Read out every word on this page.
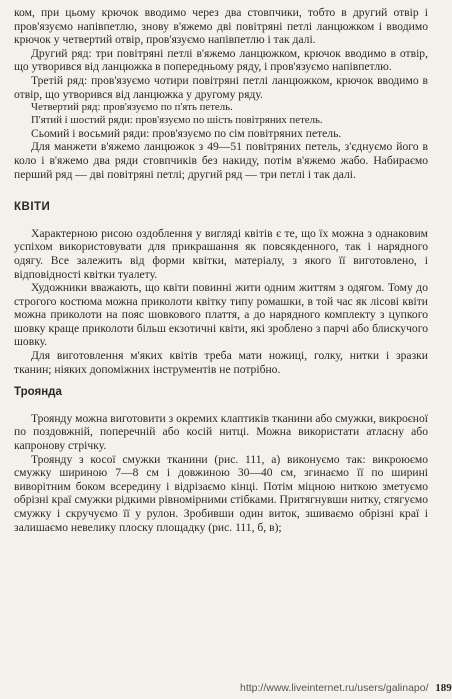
ком, при цьому крючок вводимо через два стовпчики, тобто в другий отвір і пров'язуємо напівпетлю, знову в'яжемо дві повітряні петлі ланцюжком і вводимо крючок у четвертий отвір, пров'язуємо напівпетлю і так далі.

Другий ряд: три повітряні петлі в'яжемо ланцюжком, крючок вводимо в отвір, що утворився від ланцюжка в попередньому ряду, і пров'язуємо напівпетлю.

Третій ряд: пров'язуємо чотири повітряні петлі ланцюжком, крючок вводимо в отвір, що утворився від ланцюжка у другому ряду.

Четвертий ряд: пров'язуємо по п'ять петель.

П'ятий і шостий ряди: пров'язуємо по шість повітряних петель.

Сьомий і восьмий ряди: пров'язуємо по сім повітряних петель.

Для манжети в'яжемо ланцюжок з 49—51 повітряних петель, з'єднуємо його в коло і в'яжемо два ряди стовпчиків без накиду, потім в'яжемо жабо. Набираємо перший ряд — дві повітряні петлі; другий ряд — три петлі і так далі.

КВІТИ

Характерною рисою оздоблення у вигляді квітів є те, що їх можна з однаковим успіхом використовувати для прикрашання як повсякденного, так і нарядного одягу. Все залежить від форми квітки, матеріалу, з якого її виготовлено, і відповідності квітки туалету.

Художники вважають, що квіти повинні жити одним життям з одягом. Тому до строгого костюма можна приколоти квітку типу ромашки, в той час як лісові квіти можна приколоти на пояс шовкового плаття, а до нарядного комплекту з цупкого шовку краще приколоти більш екзотичні квіти, які зроблено з парчі або блискучого шовку.

Для виготовлення м'яких квітів треба мати ножиці, голку, нитки і зразки тканин; ніяких допоміжних інструментів не потрібно.

Троянда

Троянду можна виготовити з окремих клаптиків тканини або смужки, викроєної по поздовжній, поперечній або косій нитці. Можна використати атласну або капронову стрічку.

Троянду з косої смужки тканини (рис. 111, а) виконуємо так: викроюємо смужку шириною 7—8 см і довжиною 30—40 см, згинаємо її по ширині виворітним боком всередину і відрізаємо кінці. Потім міцною ниткою зметуємо обрізні краї смужки рідкими рівномірними стібками. Притягнувши нитку, стягуємо смужку і скручуємо її у рулон. Зробивши один виток, зшиваємо обрізні краї і залишаємо невелику плоску площадку (рис. 111, б, в);

http://www.liveinternet.ru/users/galinapo/ 189
